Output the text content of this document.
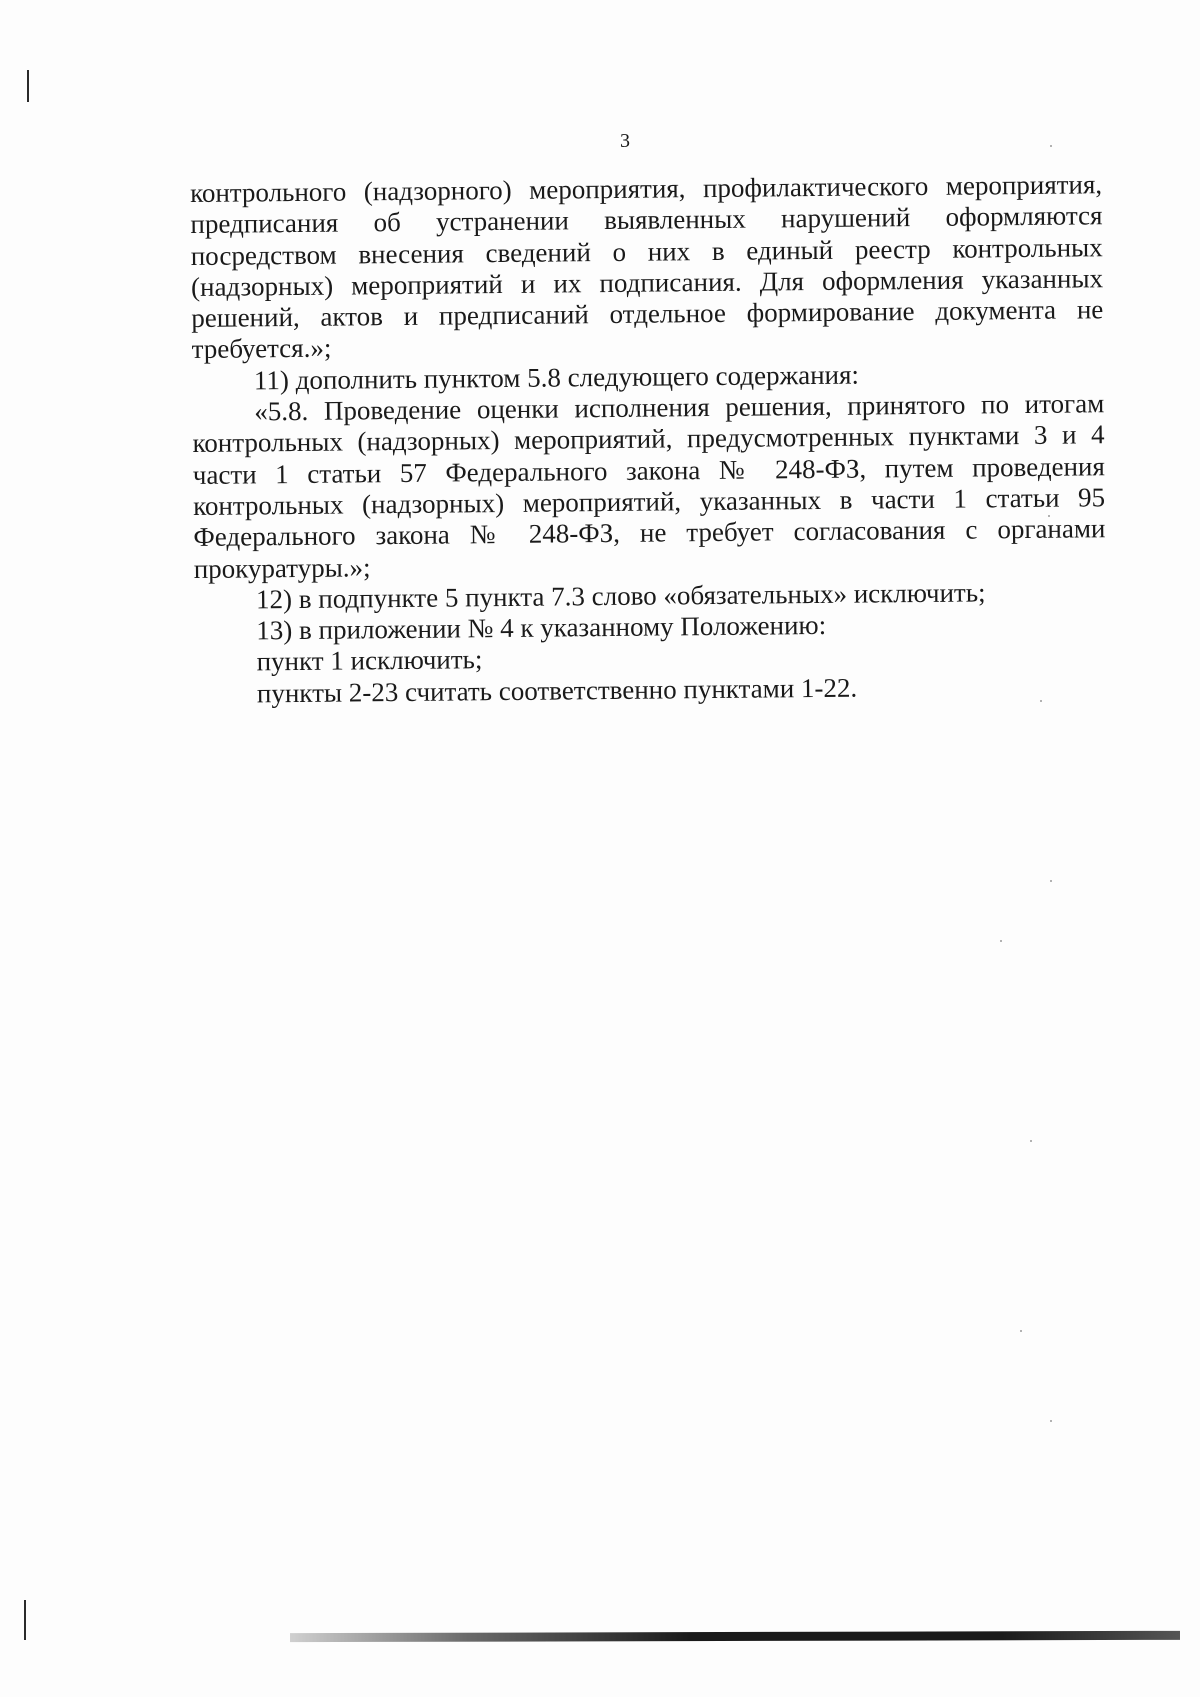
3

контрольного (надзорного) мероприятия, профилактического мероприятия, предписания об устранении выявленных нарушений оформляются посредством внесения сведений о них в единый реестр контрольных (надзорных) мероприятий и их подписания. Для оформления указанных решений, актов и предписаний отдельное формирование документа не требуется.»;

11) дополнить пунктом 5.8 следующего содержания:

«5.8. Проведение оценки исполнения решения, принятого по итогам контрольных (надзорных) мероприятий, предусмотренных пунктами 3 и 4 части 1 статьи 57 Федерального закона № 248-ФЗ, путем проведения контрольных (надзорных) мероприятий, указанных в части 1 статьи 95 Федерального закона № 248-ФЗ, не требует согласования с органами прокуратуры.»;

12) в подпункте 5 пункта 7.3 слово «обязательных» исключить;

13) в приложении № 4 к указанному Положению:

пункт 1 исключить;

пункты 2-23 считать соответственно пунктами 1-22.
